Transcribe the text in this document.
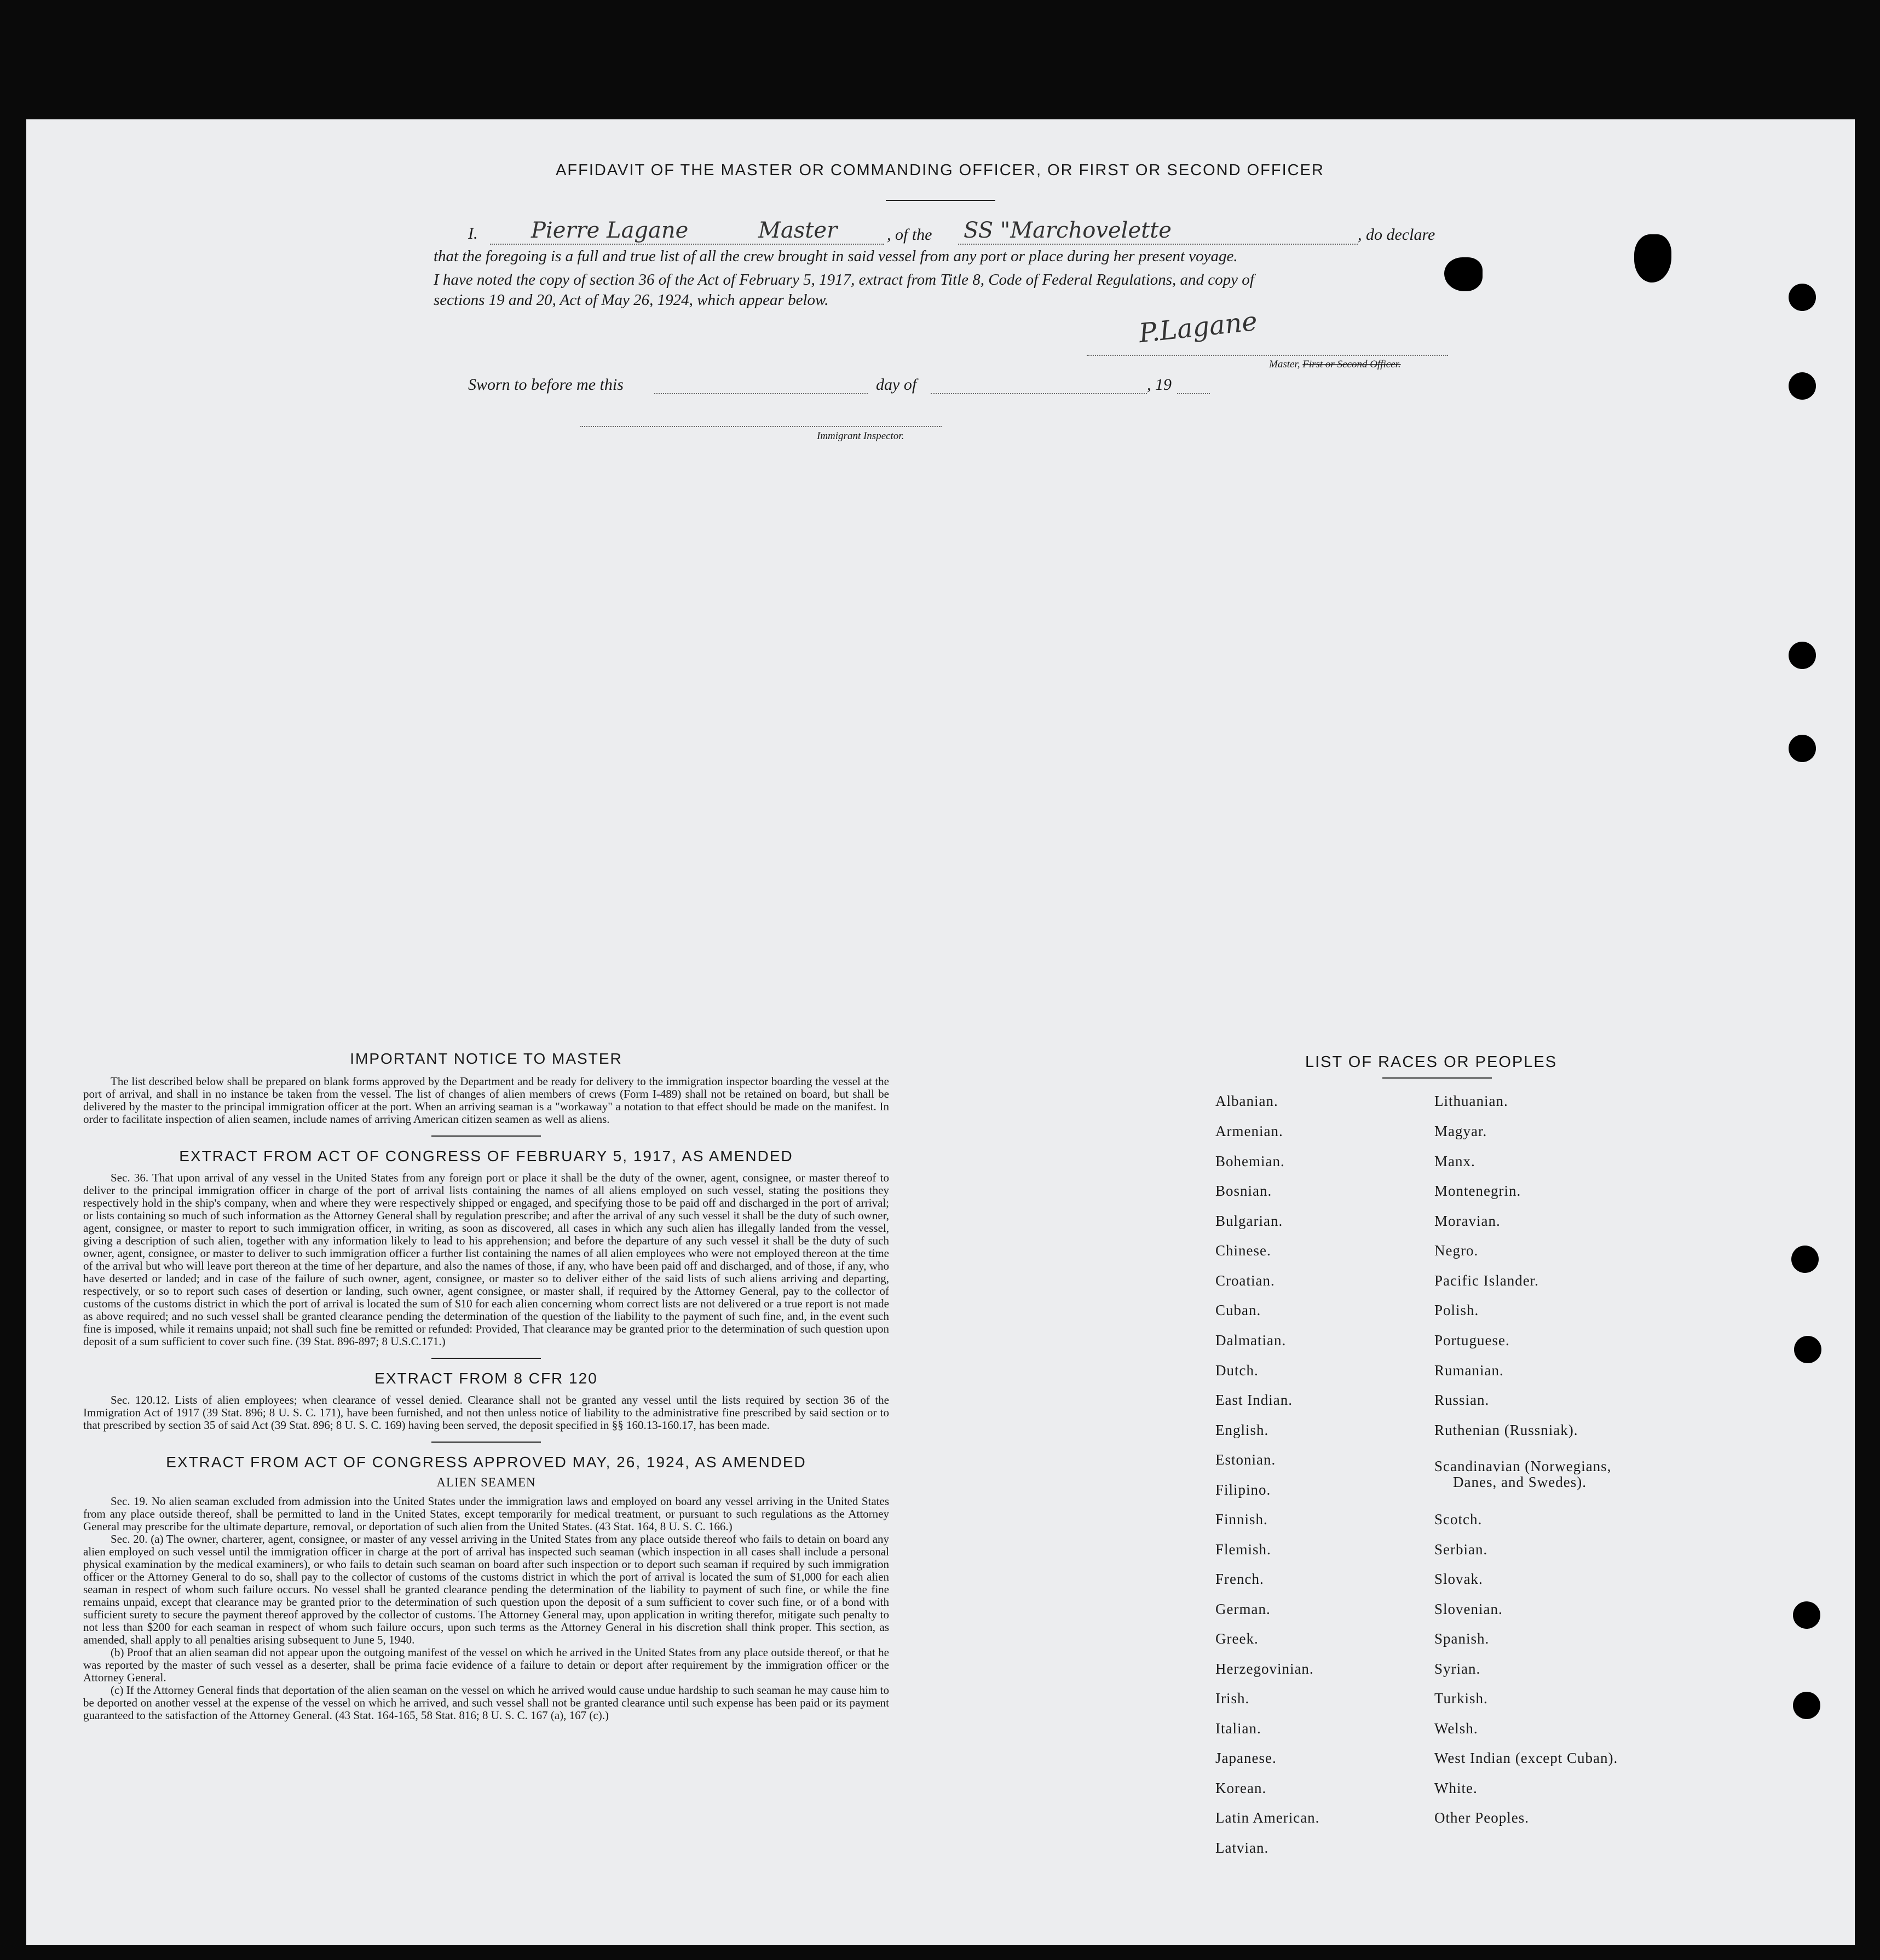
AFFIDAVIT OF THE MASTER OR COMMANDING OFFICER, OR FIRST OR SECOND OFFICER
I. Pierre Lagane	Master	, of the SS "Marchovelette	, do declare
that the foregoing is a full and true list of all the crew brought in said vessel from any port or place during her present voyage.
I have noted the copy of section 36 of the Act of February 5, 1917, extract from Title 8, Code of Federal Regulations, and copy of
sections 19 and 20, Act of May 26, 1924, which appear below.
P.Lagane
Master, First or Second Officer.
Sworn to before me this	day of	, 19
Immigrant Inspector.
IMPORTANT NOTICE TO MASTER
The list described below shall be prepared on blank forms approved by the Department and be ready for delivery to the immigration inspector boarding the vessel at the port of arrival, and shall in no instance be taken from the vessel. The list of changes of alien members of crews (Form I-489) shall not be retained on board, but shall be delivered by the master to the principal immigration officer at the port. When an arriving seaman is a "workaway" a notation to that effect should be made on the manifest. In order to facilitate inspection of alien seamen, include names of arriving American citizen seamen as well as aliens.
EXTRACT FROM ACT OF CONGRESS OF FEBRUARY 5, 1917, AS AMENDED
Sec. 36. That upon arrival of any vessel in the United States from any foreign port or place it shall be the duty of the owner, agent, consignee, or master thereof to deliver to the principal immigration officer in charge of the port of arrival lists containing the names of all aliens employed on such vessel, stating the positions they respectively hold in the ship's company, when and where they were respectively shipped or engaged, and specifying those to be paid off and discharged in the port of arrival; or lists containing so much of such information as the Attorney General shall by regulation prescribe; and after the arrival of any such vessel it shall be the duty of such owner, agent, consignee, or master to report to such immigration officer, in writing, as soon as discovered, all cases in which any such alien has illegally landed from the vessel, giving a description of such alien, together with any information likely to lead to his apprehension; and before the departure of any such vessel it shall be the duty of such owner, agent, consignee, or master to deliver to such immigration officer a further list containing the names of all alien employees who were not employed thereon at the time of the arrival but who will leave port thereon at the time of her departure, and also the names of those, if any, who have been paid off and discharged, and of those, if any, who have deserted or landed; and in case of the failure of such owner, agent, consignee, or master so to deliver either of the said lists of such aliens arriving and departing, respectively, or so to report such cases of desertion or landing, such owner, agent consignee, or master shall, if required by the Attorney General, pay to the collector of customs of the customs district in which the port of arrival is located the sum of $10 for each alien concerning whom correct lists are not delivered or a true report is not made as above required; and no such vessel shall be granted clearance pending the determination of the question of the liability to the payment of such fine, and, in the event such fine is imposed, while it remains unpaid; not shall such fine be remitted or refunded: Provided, That clearance may be granted prior to the determination of such question upon deposit of a sum sufficient to cover such fine. (39 Stat. 896-897; 8 U.S.C.171.)
EXTRACT FROM 8 CFR 120
Sec. 120.12. Lists of alien employees; when clearance of vessel denied. Clearance shall not be granted any vessel until the lists required by section 36 of the Immigration Act of 1917 (39 Stat. 896; 8 U. S. C. 171), have been furnished, and not then unless notice of liability to the administrative fine prescribed by said section or to that prescribed by section 35 of said Act (39 Stat. 896; 8 U. S. C. 169) having been served, the deposit specified in §§ 160.13-160.17, has been made.
EXTRACT FROM ACT OF CONGRESS APPROVED MAY, 26, 1924, AS AMENDED
ALIEN SEAMEN
Sec. 19. No alien seaman excluded from admission into the United States under the immigration laws and employed on board any vessel arriving in the United States from any place outside thereof, shall be permitted to land in the United States, except temporarily for medical treatment, or pursuant to such regulations as the Attorney General may prescribe for the ultimate departure, removal, or deportation of such alien from the United States. (43 Stat. 164, 8 U. S. C. 166.)
Sec. 20. (a) The owner, charterer, agent, consignee, or master of any vessel arriving in the United States from any place outside thereof who fails to detain on board any alien employed on such vessel until the immigration officer in charge at the port of arrival has inspected such seaman (which inspection in all cases shall include a personal physical examination by the medical examiners), or who fails to detain such seaman on board after such inspection or to deport such seaman if required by such immigration officer or the Attorney General to do so, shall pay to the collector of customs of the customs district in which the port of arrival is located the sum of $1,000 for each alien seaman in respect of whom such failure occurs. No vessel shall be granted clearance pending the determination of the liability to payment of such fine, or while the fine remains unpaid, except that clearance may be granted prior to the determination of such question upon the deposit of a sum sufficient to cover such fine, or of a bond with sufficient surety to secure the payment thereof approved by the collector of customs. The Attorney General may, upon application in writing therefor, mitigate such penalty to not less than $200 for each seaman in respect of whom such failure occurs, upon such terms as the Attorney General in his discretion shall think proper. This section, as amended, shall apply to all penalties arising subsequent to June 5, 1940.
(b) Proof that an alien seaman did not appear upon the outgoing manifest of the vessel on which he arrived in the United States from any place outside thereof, or that he was reported by the master of such vessel as a deserter, shall be prima facie evidence of a failure to detain or deport after requirement by the immigration officer or the Attorney General.
(c) If the Attorney General finds that deportation of the alien seaman on the vessel on which he arrived would cause undue hardship to such seaman he may cause him to be deported on another vessel at the expense of the vessel on which he arrived, and such vessel shall not be granted clearance until such expense has been paid or its payment guaranteed to the satisfaction of the Attorney General. (43 Stat. 164-165, 58 Stat. 816; 8 U. S. C. 167 (a), 167 (c).)
LIST OF RACES OR PEOPLES
Albanian.
Armenian.
Bohemian.
Bosnian.
Bulgarian.
Chinese.
Croatian.
Cuban.
Dalmatian.
Dutch.
East Indian.
English.
Estonian.
Filipino.
Finnish.
Flemish.
French.
German.
Greek.
Herzegovinian.
Irish.
Italian.
Japanese.
Korean.
Latin American.
Latvian.
Lithuanian.
Magyar.
Manx.
Montenegrin.
Moravian.
Negro.
Pacific Islander.
Polish.
Portuguese.
Rumanian.
Russian.
Ruthenian (Russniak).
Scandinavian (Norwegians,
Danes, and Swedes).
Scotch.
Serbian.
Slovak.
Slovenian.
Spanish.
Syrian.
Turkish.
Welsh.
West Indian (except Cuban).
White.
Other Peoples.
